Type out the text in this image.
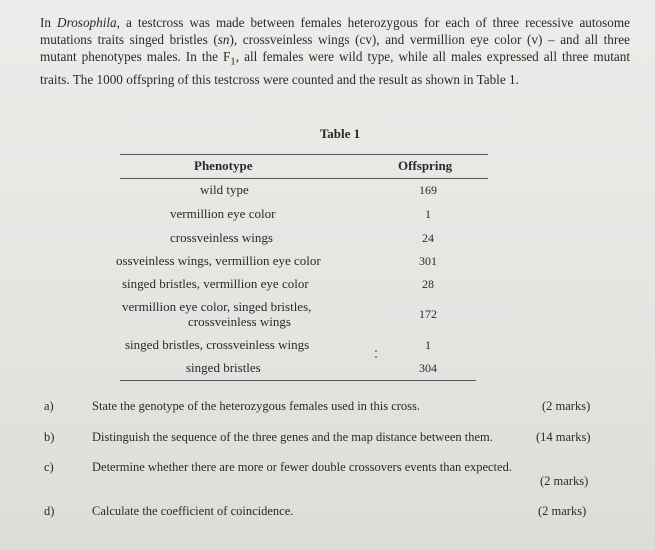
In Drosophila, a testcross was made between females heterozygous for each of three recessive autosome mutations traits singed bristles (sn), crossveinless wings (cv), and vermillion eye color (v) – and all three mutant phenotypes males. In the $F_1$, all females were wild type, while all males expressed all three mutant traits. The 1000 offspring of this testcross were counted and the result as shown in Table 1.
Table 1
Phenotype	Offspring
wild type	169
vermillion eye color	1
crossveinless wings	24
ossveinless wings, vermillion eye color	301
singed bristles, vermillion eye color	28
vermillion eye color, singed bristles,
crossveinless wings	172
singed bristles, crossveinless wings	1
singed bristles	304
a)	State the genotype of the heterozygous females used in this cross.	(2 marks)
b)	Distinguish the sequence of the three genes and the map distance between them.	(14 marks)
c)	Determine whether there are more or fewer double crossovers events than expected.
(2 marks)
d)	Calculate the coefficient of coincidence.	(2 marks)
